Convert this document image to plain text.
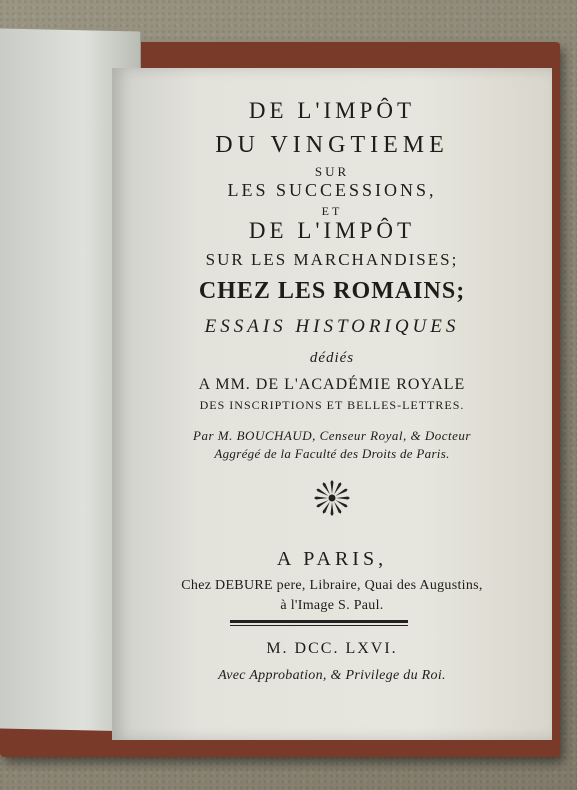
DE L'IMPÔT
DU VINGTIEME
SUR
LES SUCCESSIONS,
ET
DE L'IMPÔT
SUR LES MARCHANDISES;
CHEZ LES ROMAINS;
ESSAIS HISTORIQUES
dédiés
A MM. DE L'ACADÉMIE ROYALE
DES INSCRIPTIONS ET BELLES-LETTRES.
Par M. BOUCHAUD, Censeur Royal, & Docteur
Aggrégé de la Faculté des Droits de Paris.
A PARIS,
Chez DEBURE pere, Libraire, Quai des Augustins,
à l'Image S. Paul.
M. DCC. LXVI.
Avec Approbation, & Privilege du Roi.
